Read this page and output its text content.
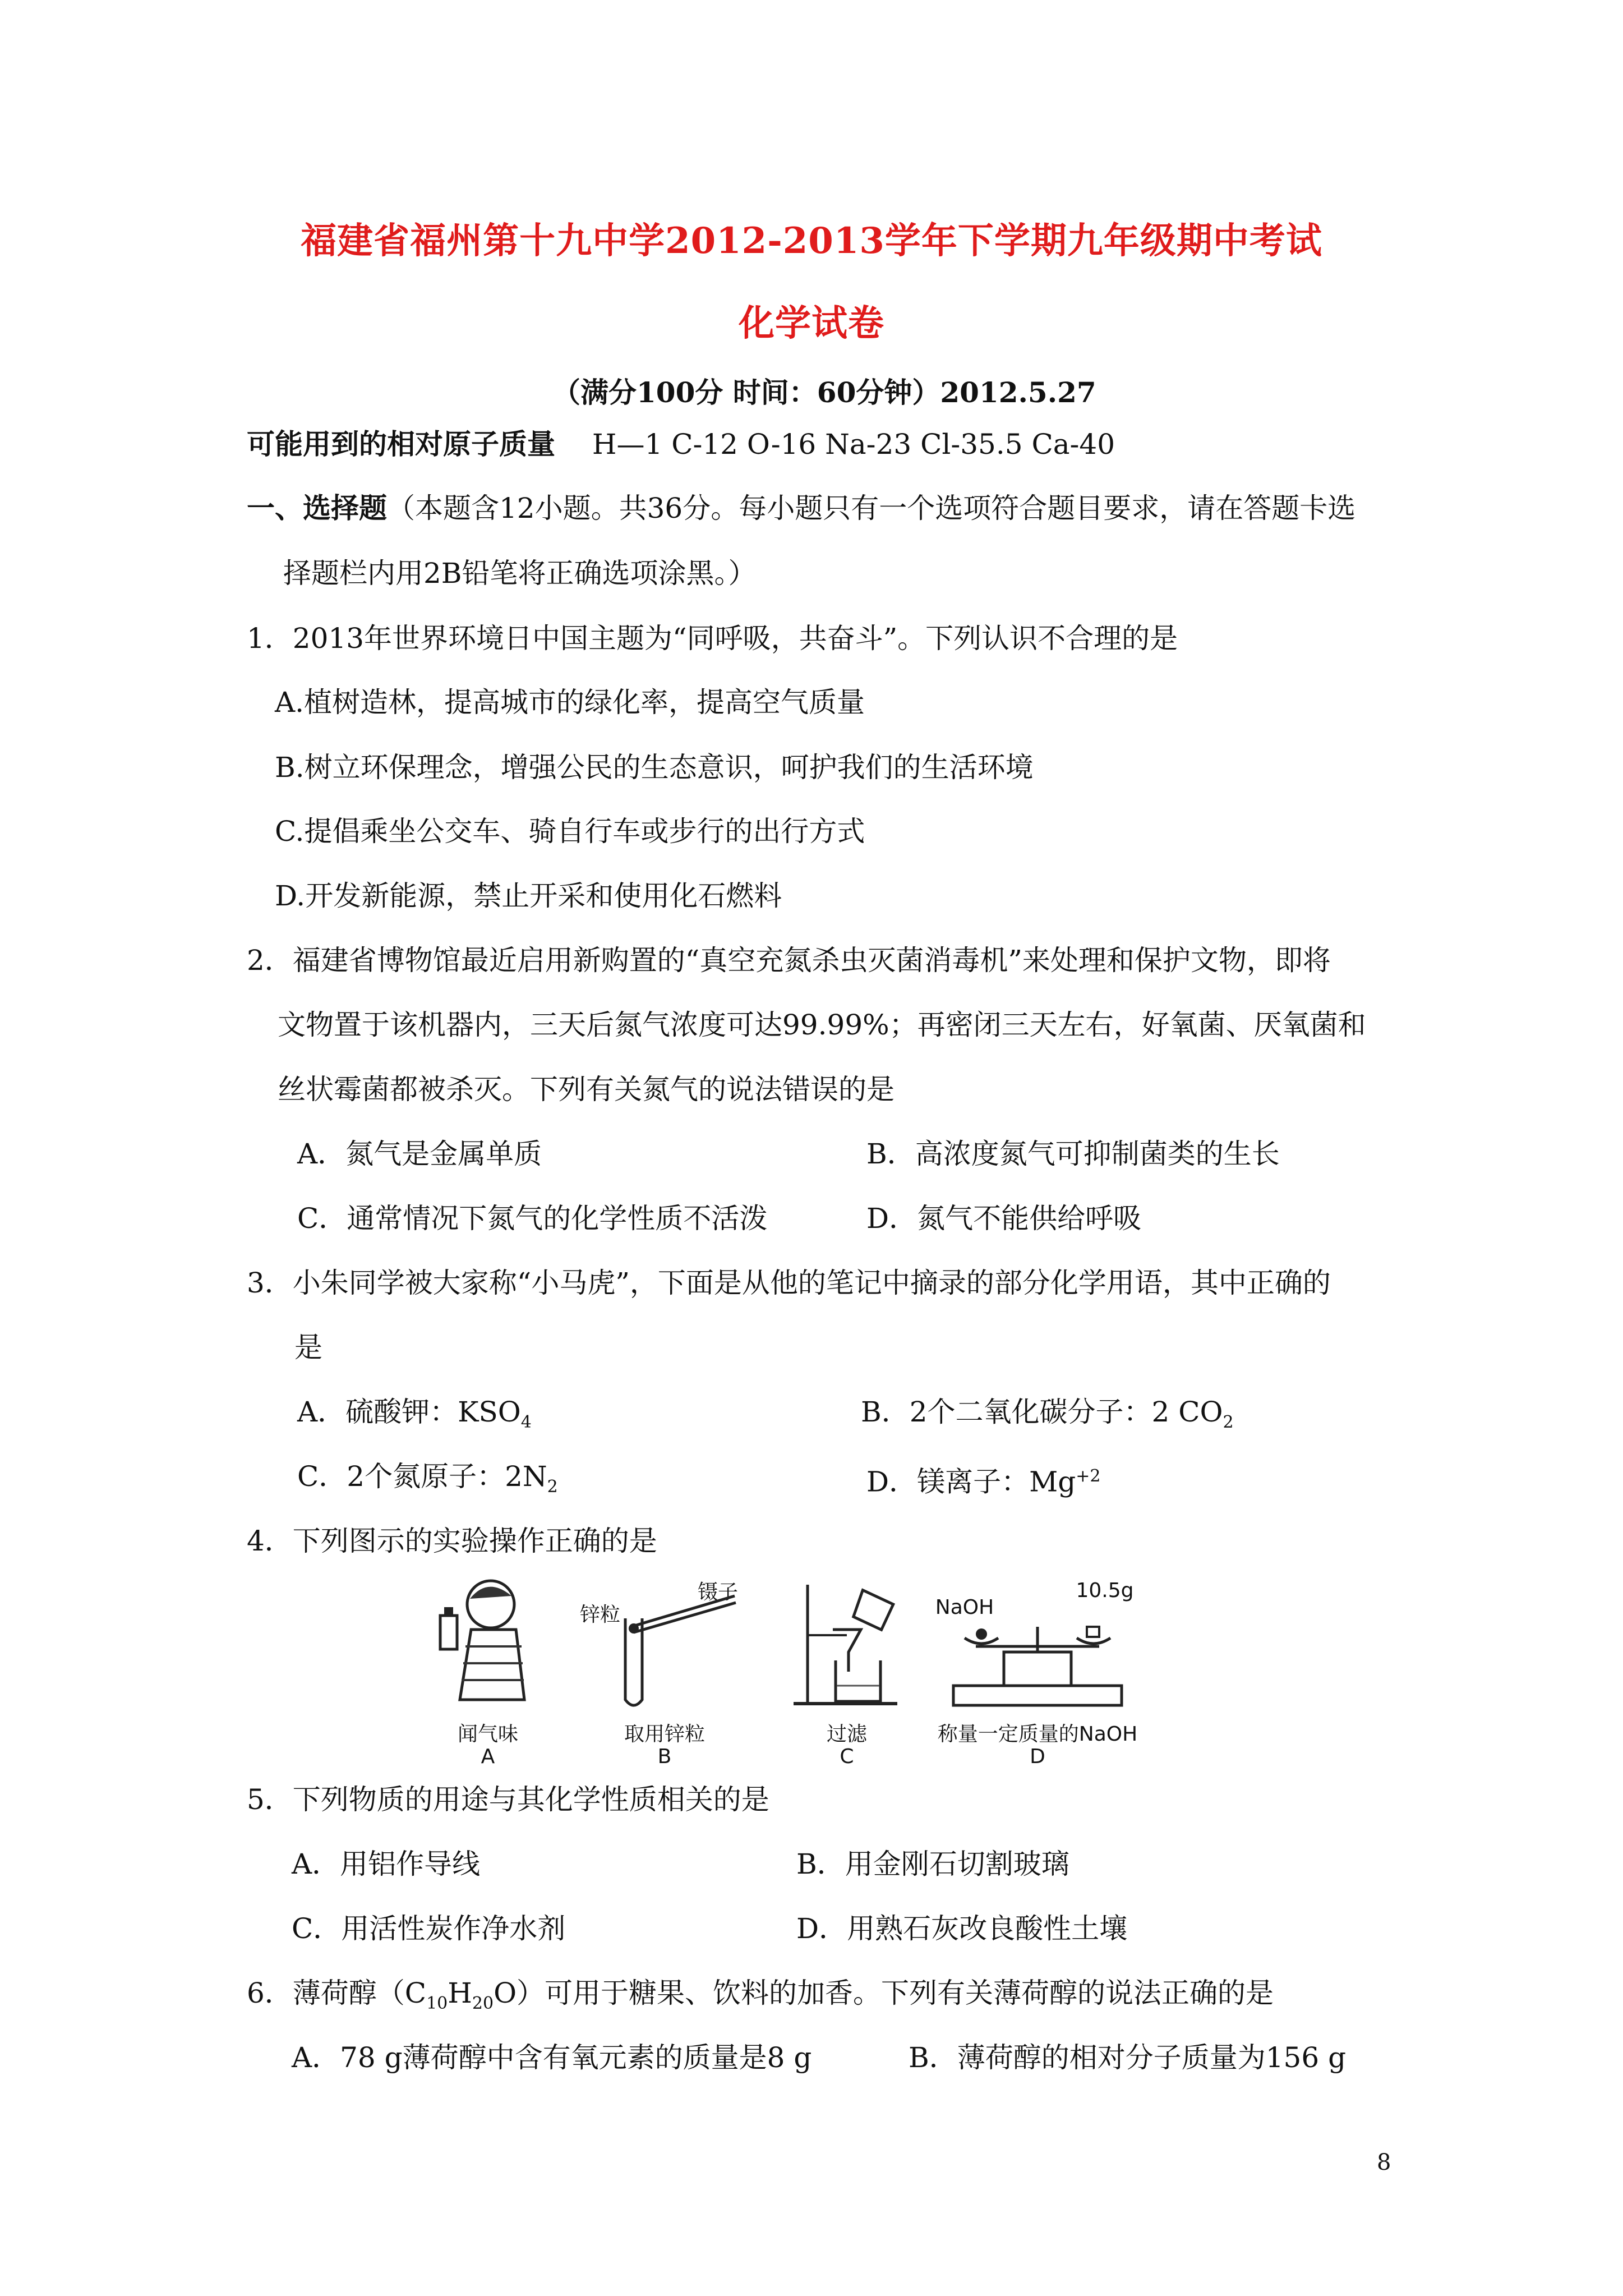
福建省福州第十九中学2012-2013学年下学期九年级期中考试
化学试卷
（满分100分 时间：60分钟）2012.5.27
可能用到的相对原子质量 H—1 C-12 O-16 Na-23 Cl-35.5 Ca-40
一、选择题（本题含12小题。共36分。每小题只有一个选项符合题目要求，请在答题卡选
择题栏内用2B铅笔将正确选项涂黑。）
1．2013年世界环境日中国主题为“同呼吸，共奋斗”。下列认识不合理的是
A.植树造林，提高城市的绿化率，提高空气质量
B.树立环保理念，增强公民的生态意识，呵护我们的生活环境
C.提倡乘坐公交车、骑自行车或步行的出行方式
D.开发新能源，禁止开采和使用化石燃料
2．福建省博物馆最近启用新购置的“真空充氮杀虫灭菌消毒机”来处理和保护文物，即将
文物置于该机器内，三天后氮气浓度可达99.99%；再密闭三天左右，好氧菌、厌氧菌和
丝状霉菌都被杀灭。下列有关氮气的说法错误的是
A．氮气是金属单质	B．高浓度氮气可抑制菌类的生长
C．通常情况下氮气的化学性质不活泼	D．氮气不能供给呼吸
3．小朱同学被大家称“小马虎”，下面是从他的笔记中摘录的部分化学用语，其中正确的
是
A．硫酸钾：$KSO_4$	B．2个二氧化碳分子：2 $CO_2$
C．2个氮原子：$2N_2$	D．镁离子：$Mg^{+2}$
4．下列图示的实验操作正确的是
闻气味
A
锌粒
镊子
取用锌粒
B
过滤
C
NaOH
10.5g
称量一定质量的NaOH
D
5．下列物质的用途与其化学性质相关的是
A．用铝作导线	B．用金刚石切割玻璃
C．用活性炭作净水剂	D．用熟石灰改良酸性土壤
6．薄荷醇$(C_{10}H_{20}O)$可用于糖果、饮料的加香。下列有关薄荷醇的说法正确的是
A．78 g薄荷醇中含有氧元素的质量是8 g	B．薄荷醇的相对分子质量为156 g
8
